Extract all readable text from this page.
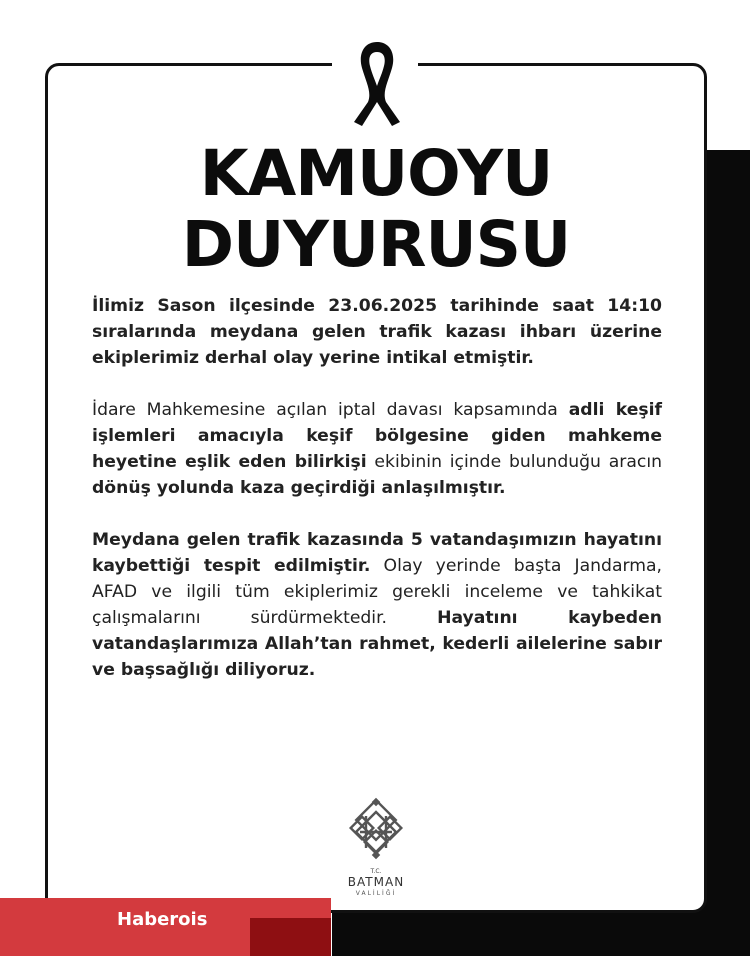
KAMUOYU
DUYURUSU

İlimiz Sason ilçesinde 23.06.2025 tarihinde saat 14:10 sıralarında meydana gelen trafik kazası ihbarı üzerine ekiplerimiz derhal olay yerine intikal etmiştir.

İdare Mahkemesine açılan iptal davası kapsamında adli keşif işlemleri amacıyla keşif bölgesine giden mahkeme heyetine eşlik eden bilirkişi ekibinin içinde bulunduğu aracın dönüş yolunda kaza geçirdiği anlaşılmıştır.

Meydana gelen trafik kazasında 5 vatandaşımızın hayatını kaybettiği tespit edilmiştir. Olay yerinde başta Jandarma, AFAD ve ilgili tüm ekiplerimiz gerekli inceleme ve tahkikat çalışmalarını sürdürmektedir. Hayatını kaybeden vatandaşlarımıza Allah’tan rahmet, kederli ailelerine sabır ve başsağlığı diliyoruz.

T.C.
BATMAN
VALİLİĞİ
Haberois
